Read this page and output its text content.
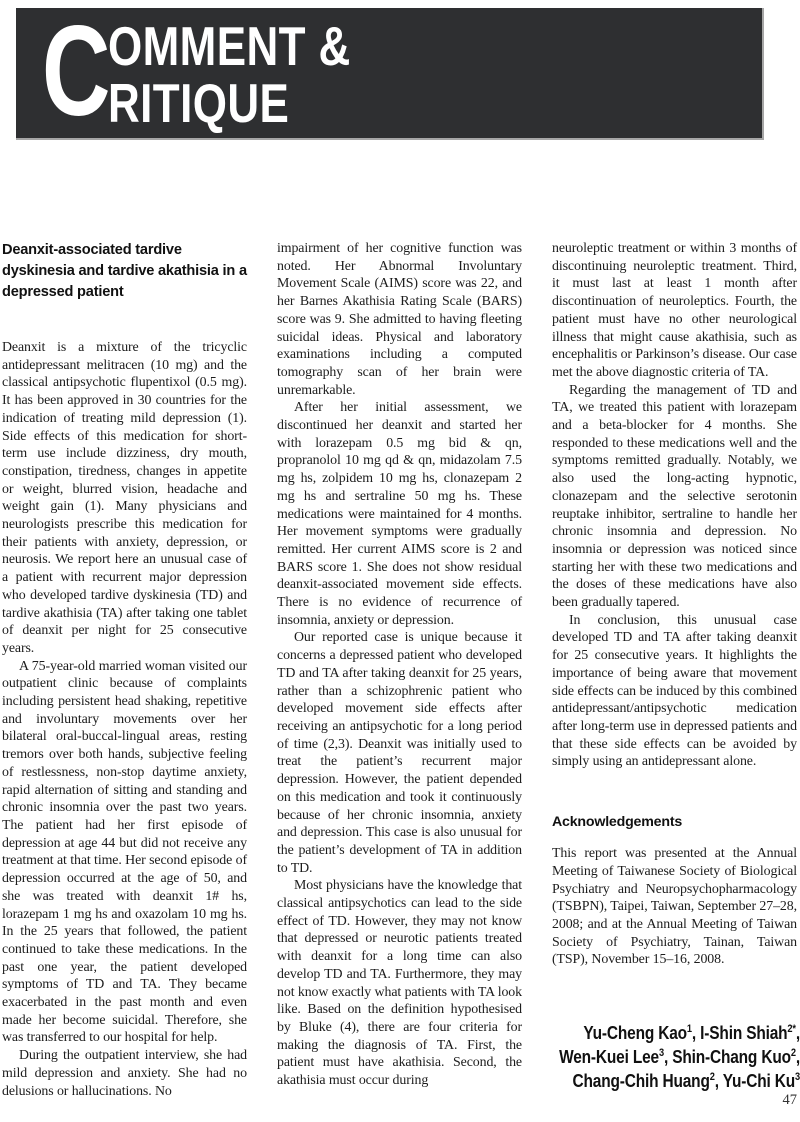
C
OMMENT &
RITIQUE
Deanxit-associated tardive dyskinesia and tardive akathisia in a depressed patient

Deanxit is a mixture of the tricyclic antidepressant melitracen (10 mg) and the classical antipsychotic flupentixol (0.5 mg). It has been approved in 30 countries for the indication of treating mild depression (1). Side effects of this medication for short-term use include dizziness, dry mouth, constipation, tiredness, changes in appetite or weight, blurred vision, headache and weight gain (1). Many physicians and neurologists prescribe this medication for their patients with anxiety, depression, or neurosis. We report here an unusual case of a patient with recurrent major depression who developed tardive dyskinesia (TD) and tardive akathisia (TA) after taking one tablet of deanxit per night for 25 consecutive years.

A 75-year-old married woman visited our outpatient clinic because of complaints including persistent head shaking, repetitive and involuntary movements over her bilateral oral-buccal-lingual areas, resting tremors over both hands, subjective feeling of restlessness, non-stop daytime anxiety, rapid alternation of sitting and standing and chronic insomnia over the past two years. The patient had her first episode of depression at age 44 but did not receive any treatment at that time. Her second episode of depression occurred at the age of 50, and she was treated with deanxit 1# hs, lorazepam 1 mg hs and oxazolam 10 mg hs. In the 25 years that followed, the patient continued to take these medications. In the past one year, the patient developed symptoms of TD and TA. They became exacerbated in the past month and even made her become suicidal. Therefore, she was transferred to our hospital for help.

During the outpatient interview, she had mild depression and anxiety. She had no delusions or hallucinations. No

impairment of her cognitive function was noted. Her Abnormal Involuntary Movement Scale (AIMS) score was 22, and her Barnes Akathisia Rating Scale (BARS) score was 9. She admitted to having fleeting suicidal ideas. Physical and laboratory examinations including a computed tomography scan of her brain were unremarkable.

After her initial assessment, we discontinued her deanxit and started her with lorazepam 0.5 mg bid & qn, propranolol 10 mg qd & qn, midazolam 7.5 mg hs, zolpidem 10 mg hs, clonazepam 2 mg hs and sertraline 50 mg hs. These medications were maintained for 4 months. Her movement symptoms were gradually remitted. Her current AIMS score is 2 and BARS score 1. She does not show residual deanxit-associated movement side effects. There is no evidence of recurrence of insomnia, anxiety or depression.

Our reported case is unique because it concerns a depressed patient who developed TD and TA after taking deanxit for 25 years, rather than a schizophrenic patient who developed movement side effects after receiving an antipsychotic for a long period of time (2,3). Deanxit was initially used to treat the patient’s recurrent major depression. However, the patient depended on this medication and took it continuously because of her chronic insomnia, anxiety and depression. This case is also unusual for the patient’s development of TA in addition to TD.

Most physicians have the knowledge that classical antipsychotics can lead to the side effect of TD. However, they may not know that depressed or neurotic patients treated with deanxit for a long time can also develop TD and TA. Furthermore, they may not know exactly what patients with TA look like. Based on the definition hypothesised by Bluke (4), there are four criteria for making the diagnosis of TA. First, the patient must have akathisia. Second, the akathisia must occur during

neuroleptic treatment or within 3 months of discontinuing neuroleptic treatment. Third, it must last at least 1 month after discontinuation of neuroleptics. Fourth, the patient must have no other neurological illness that might cause akathisia, such as encephalitis or Parkinson’s disease. Our case met the above diagnostic criteria of TA.

Regarding the management of TD and TA, we treated this patient with lorazepam and a beta-blocker for 4 months. She responded to these medications well and the symptoms remitted gradually. Notably, we also used the long-acting hypnotic, clonazepam and the selective serotonin reuptake inhibitor, sertraline to handle her chronic insomnia and depression. No insomnia or depression was noticed since starting her with these two medications and the doses of these medications have also been gradually tapered.

In conclusion, this unusual case developed TD and TA after taking deanxit for 25 consecutive years. It highlights the importance of being aware that movement side effects can be induced by this combined antidepressant/antipsychotic medication after long-term use in depressed patients and that these side effects can be avoided by simply using an antidepressant alone.

Acknowledgements

This report was presented at the Annual Meeting of Taiwanese Society of Biological Psychiatry and Neuropsychopharmacology (TSBPN), Taipei, Taiwan, September 27–28, 2008; and at the Annual Meeting of Taiwan Society of Psychiatry, Tainan, Taiwan (TSP), November 15–16, 2008.

Yu-Cheng Kao$^1$, I-Shin Shiah$^{2*}$,
Wen-Kuei Lee$^3$, Shin-Chang Kuo$^2$,
Chang-Chih Huang$^2$, Yu-Chi Ku$^3$
47
